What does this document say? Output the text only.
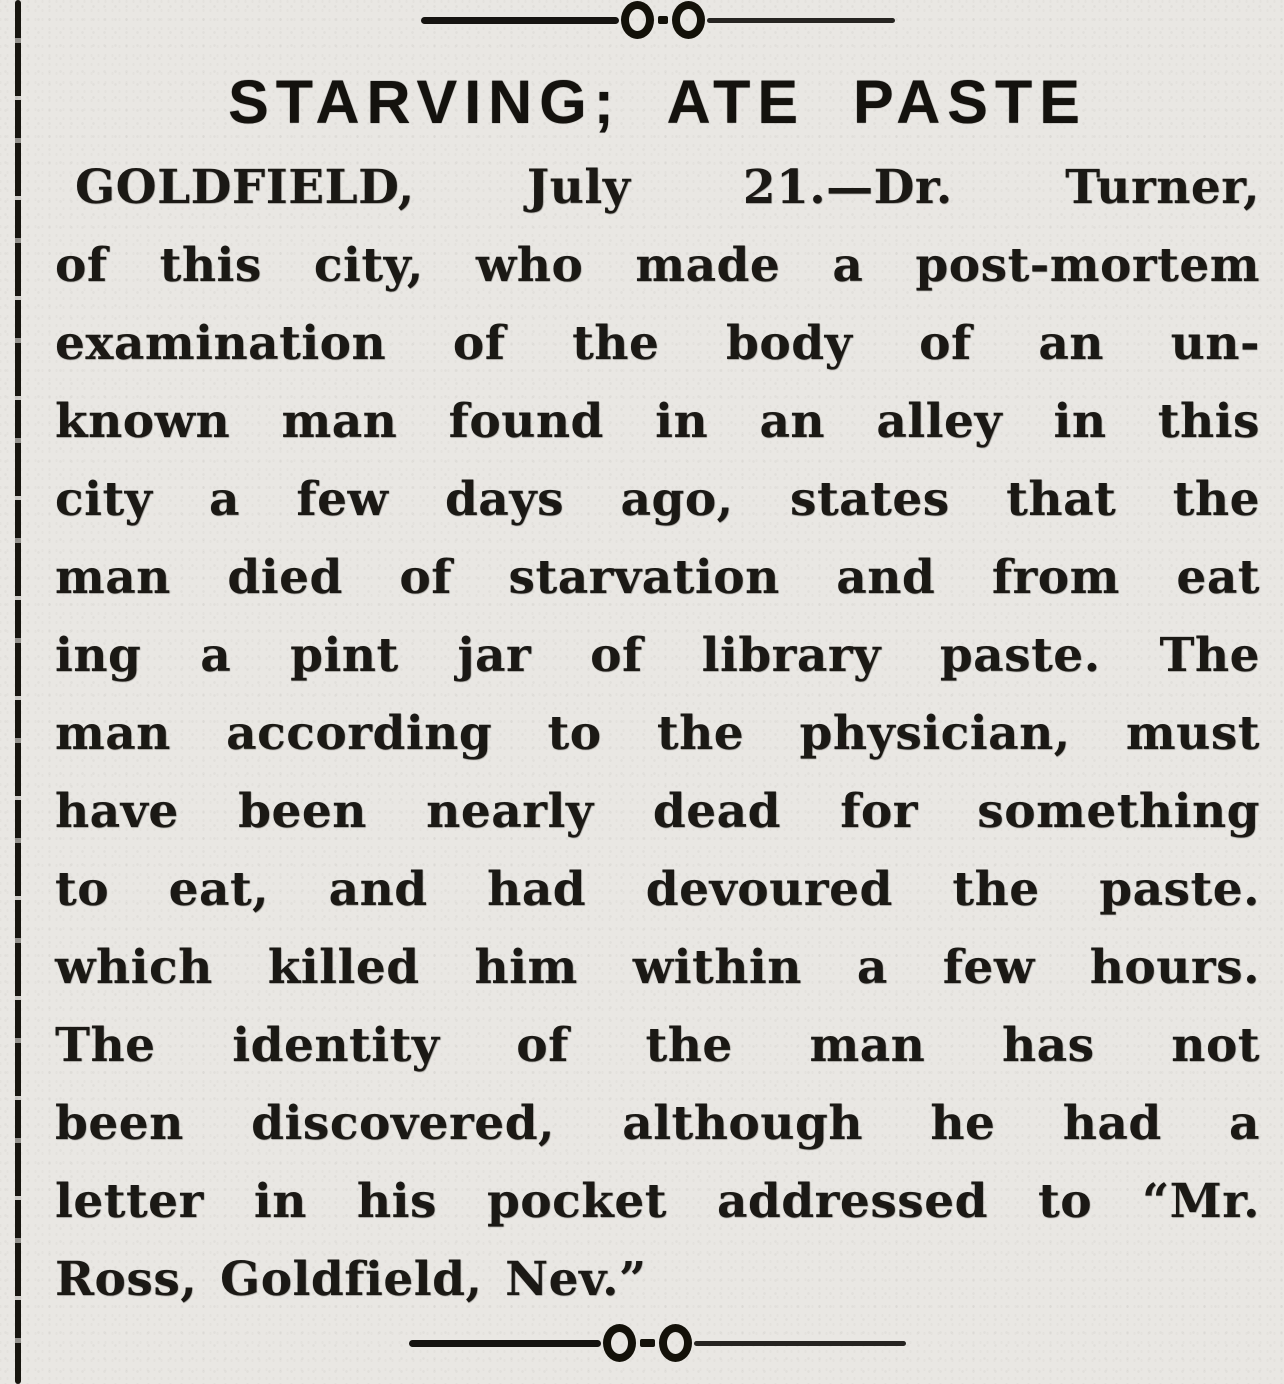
STARVING; ATE PASTE
GOLDFIELD, July 21.—Dr. Turner,
of this city, who made a post-mortem
examination of the body of an un-
known man found in an alley in this
city a few days ago, states that the
man died of starvation and from eat
ing a pint jar of library paste. The
man according to the physician, must
have been nearly dead for something
to eat, and had devoured the paste.
which killed him within a few hours.
The identity of the man has not
been discovered, although he had a
letter in his pocket addressed to “Mr.
Ross, Goldfield, Nev.”
